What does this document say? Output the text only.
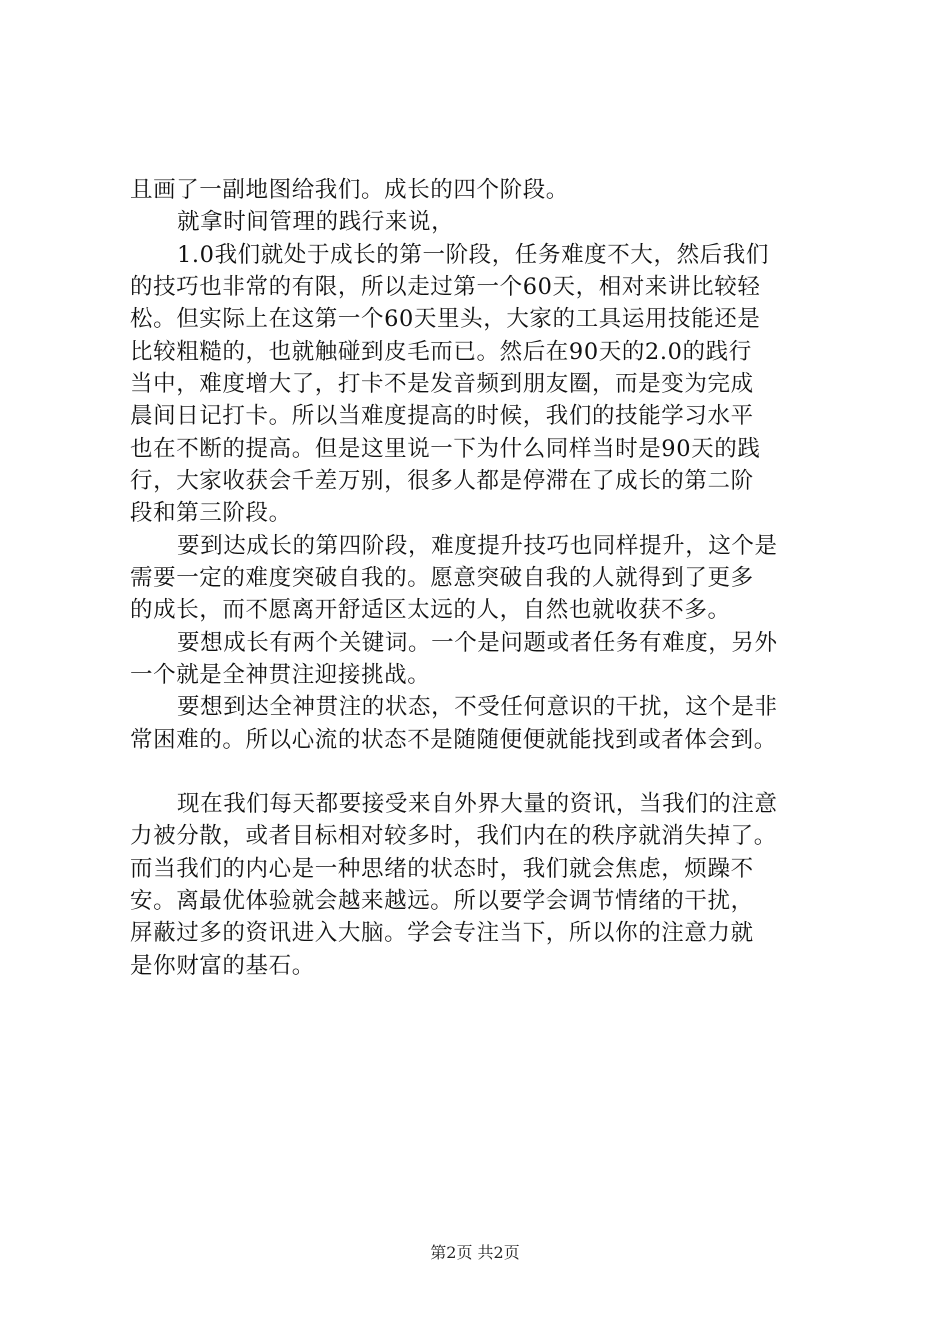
且画了一副地图给我们。成长的四个阶段。
就拿时间管理的践行来说，
1.0我们就处于成长的第一阶段，任务难度不大，然后我们
的技巧也非常的有限，所以走过第一个60天，相对来讲比较轻
松。但实际上在这第一个60天里头，大家的工具运用技能还是
比较粗糙的，也就触碰到皮毛而已。然后在90天的2.0的践行
当中，难度增大了，打卡不是发音频到朋友圈，而是变为完成
晨间日记打卡。所以当难度提高的时候，我们的技能学习水平
也在不断的提高。但是这里说一下为什么同样当时是90天的践
行，大家收获会千差万别，很多人都是停滞在了成长的第二阶
段和第三阶段。
要到达成长的第四阶段，难度提升技巧也同样提升，这个是
需要一定的难度突破自我的。愿意突破自我的人就得到了更多
的成长，而不愿离开舒适区太远的人，自然也就收获不多。
要想成长有两个关键词。一个是问题或者任务有难度，另外
一个就是全神贯注迎接挑战。
要想到达全神贯注的状态，不受任何意识的干扰，这个是非
常困难的。所以心流的状态不是随随便便就能找到或者体会到。
现在我们每天都要接受来自外界大量的资讯，当我们的注意
力被分散，或者目标相对较多时，我们内在的秩序就消失掉了。
而当我们的内心是一种思绪的状态时，我们就会焦虑，烦躁不
安。离最优体验就会越来越远。所以要学会调节情绪的干扰，
屏蔽过多的资讯进入大脑。学会专注当下，所以你的注意力就
是你财富的基石。
第2页 共2页
